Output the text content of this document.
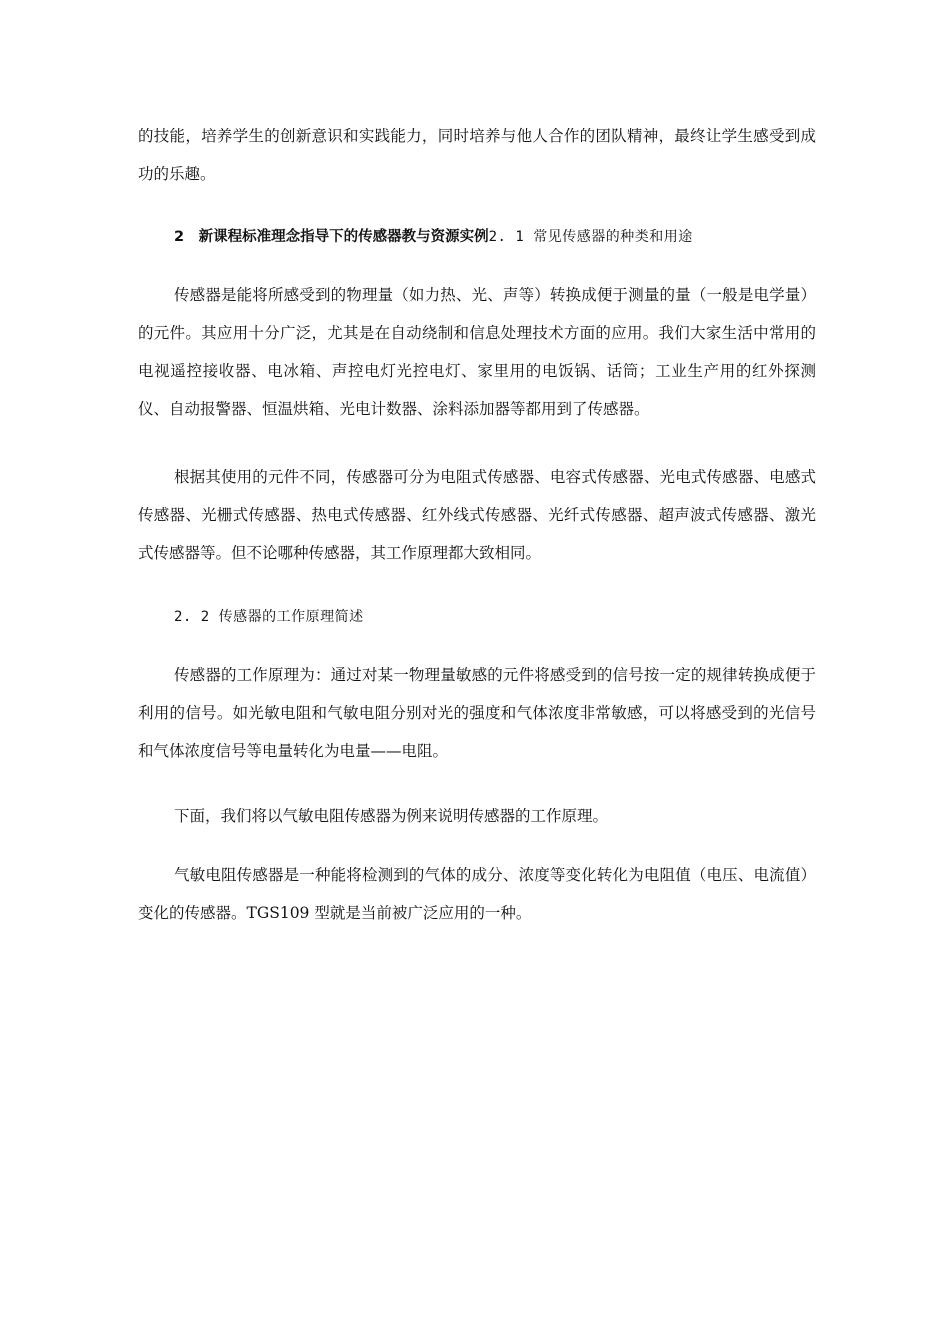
的技能，培养学生的创新意识和实践能力，同时培养与他人合作的团队精神，最终让学生感受到成功的乐趣。

2　新课程标准理念指导下的传感器教与资源实例2. 1 常见传感器的种类和用途

传感器是能将所感受到的物理量（如力热、光、声等）转换成便于测量的量（一般是电学量）的元件。其应用十分广泛，尤其是在自动绕制和信息处理技术方面的应用。我们大家生活中常用的电视遥控接收器、电冰箱、声控电灯光控电灯、家里用的电饭锅、话筒；工业生产用的红外探测仪、自动报警器、恒温烘箱、光电计数器、涂料添加器等都用到了传感器。

根据其使用的元件不同，传感器可分为电阻式传感器、电容式传感器、光电式传感器、电感式传感器、光栅式传感器、热电式传感器、红外线式传感器、光纤式传感器、超声波式传感器、激光式传感器等。但不论哪种传感器，其工作原理都大致相同。

2. 2 传感器的工作原理简述

传感器的工作原理为：通过对某一物理量敏感的元件将感受到的信号按一定的规律转换成便于利用的信号。如光敏电阻和气敏电阻分别对光的强度和气体浓度非常敏感，可以将感受到的光信号和气体浓度信号等电量转化为电量——电阻。

下面，我们将以气敏电阻传感器为例来说明传感器的工作原理。

气敏电阻传感器是一种能将检测到的气体的成分、浓度等变化转化为电阻值（电压、电流值）变化的传感器。TGS109 型就是当前被广泛应用的一种。
